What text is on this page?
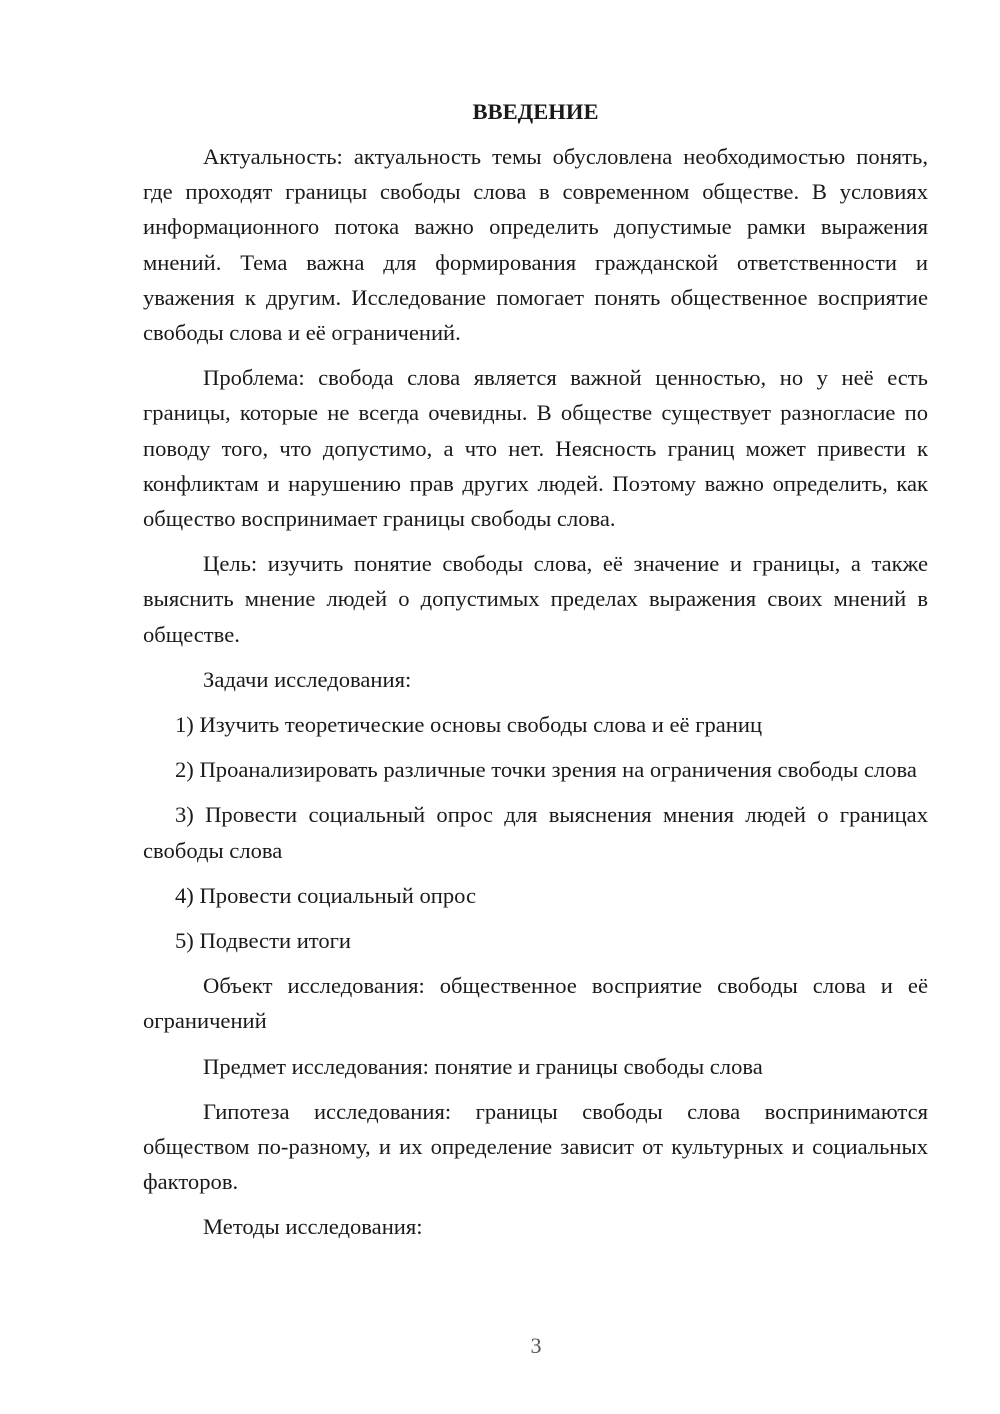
ВВЕДЕНИЕ

Актуальность: актуальность темы обусловлена необходимостью понять, где проходят границы свободы слова в современном обществе. В условиях информационного потока важно определить допустимые рамки выражения мнений. Тема важна для формирования гражданской ответственности и уважения к другим. Исследование помогает понять общественное восприятие свободы слова и её ограничений.

Проблема: свобода слова является важной ценностью, но у неё есть границы, которые не всегда очевидны. В обществе существует разногласие по поводу того, что допустимо, а что нет. Неясность границ может привести к конфликтам и нарушению прав других людей. Поэтому важно определить, как общество воспринимает границы свободы слова.

Цель: изучить понятие свободы слова, её значение и границы, а также выяснить мнение людей о допустимых пределах выражения своих мнений в обществе.

Задачи исследования:

1) Изучить теоретические основы свободы слова и её границ

2) Проанализировать различные точки зрения на ограничения свободы слова

3) Провести социальный опрос для выяснения мнения людей о границах свободы слова

4) Провести социальный опрос

5) Подвести итоги

Объект исследования: общественное восприятие свободы слова и её ограничений

Предмет исследования: понятие и границы свободы слова

Гипотеза исследования: границы свободы слова воспринимаются обществом по-разному, и их определение зависит от культурных и социальных факторов.

Методы исследования:

3
